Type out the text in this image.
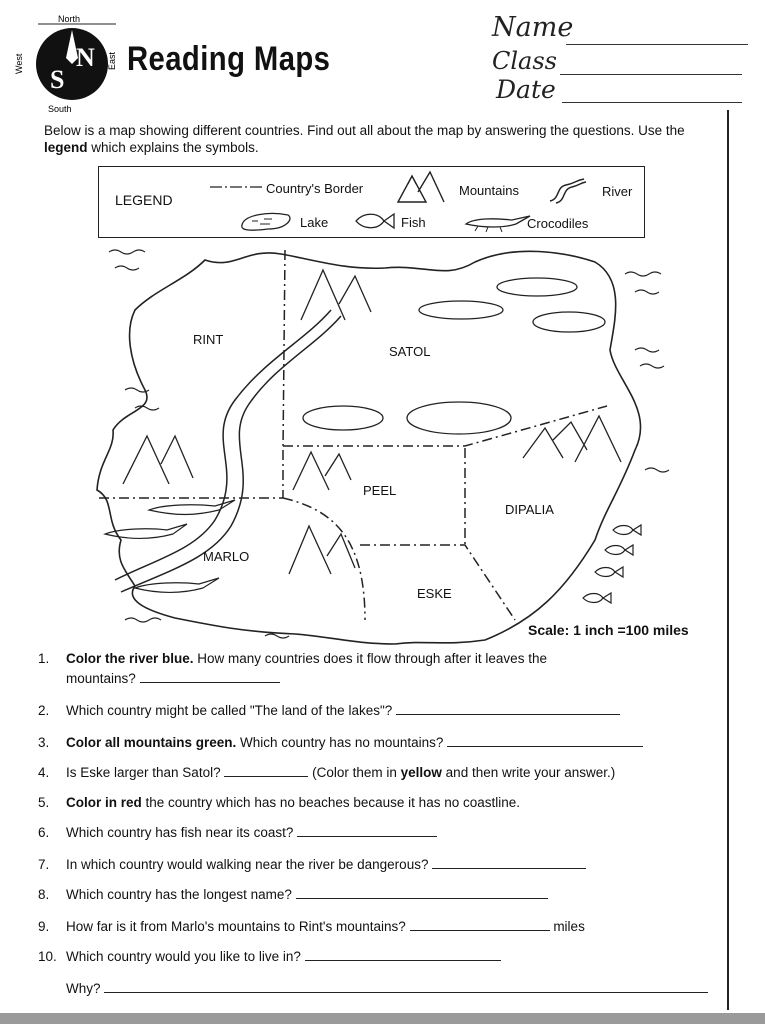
N
S
North
South
East
West	Reading Maps
Name
Class
Date
Below is a map showing different countries. Find out all about the map by answering the questions. Use the legend which explains the symbols.
LEGEND
Country's Border	Mountains	River
Lake	Fish	Crocodiles
RINT
SATOL
PEEL
DIPALIA
MARLO
ESKE
Scale: 1 inch =100 miles
1. Color the river blue. How many countries does it flow through after it leaves the
mountains?
2. Which country might be called "The land of the lakes"?
3. Color all mountains green. Which country has no mountains?
4. Is Eske larger than Satol?	(Color them in yellow and then write your answer.)
5. Color in red the country which has no beaches because it has no coastline.
6. Which country has fish near its coast?
7. In which country would walking near the river be dangerous?
8. Which country has the longest name?
9. How far is it from Marlo's mountains to Rint's mountains?	miles
10. Which country would you like to live in?
Why?
